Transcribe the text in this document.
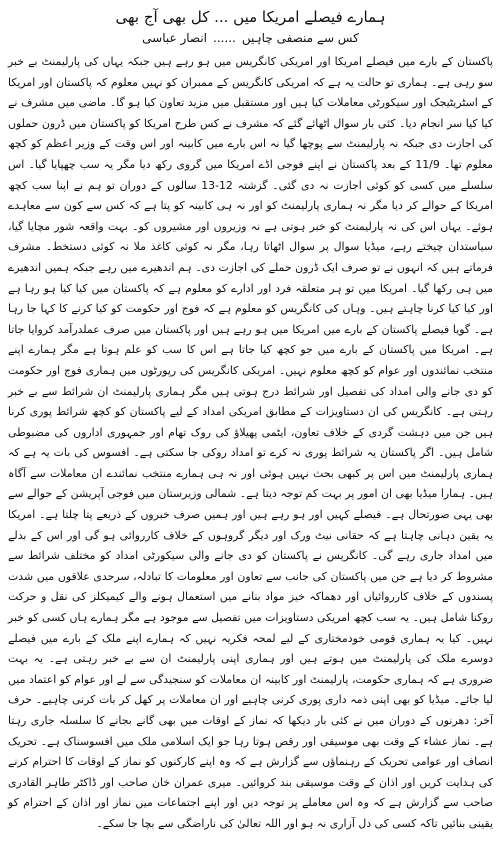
ہمارے فیصلے امریکا میں ... کل بھی آج بھی
کس سے منصفی چاہیں......انصار عباسی

پاکستان کے بارے میں فیصلے امریکا اور امریکی کانگریس میں ہو رہے ہیں جبکہ یہاں کی پارلیمنٹ بے خبر سو رہی ہے۔ ہماری تو حالت یہ ہے کہ امریکی کانگریس کے ممبران کو نہیں معلوم کہ پاکستان اور امریکا کے اسٹریٹیجک اور سیکورٹی معاملات کیا ہیں اور مستقبل میں مزید تعاون کیا ہو گا۔ ماضی میں مشرف نے کیا کیا سر انجام دیا۔ کئی بار سوال اٹھائے گئے کہ مشرف نے کس طرح امریکا کو پاکستان میں ڈرون حملوں کی اجازت دی جبکہ نہ پارلیمنٹ سے پوچھا گیا نہ اس بارے میں کابینہ اور اس وقت کے وزیر اعظم کو کچھ معلوم تھا۔ 11/9 کے بعد پاکستان نے اپنے فوجی اڈے امریکا میں گروی رکھ دیا مگر یہ سب چھپایا گیا۔ اس سلسلے میں کسی کو کوئی اجازت نہ دی گئی۔ گزشتہ 12-13 سالوں کے دوران تو ہم نے اپنا سب کچھ امریکا کے حوالے کر دیا مگر نہ ہماری پارلیمنٹ کو اور نہ ہی کابینہ کو پتا ہے کہ کس سے کون سے معاہدے ہوئے۔ یہاں اس کی نہ پارلیمنٹ کو خبر ہوتی ہے نہ وزیروں اور مشیروں کو۔ بہت واقعہ شور مچایا گیا، سیاستدان چیختے رہے، میڈیا سوال پر سوال اٹھاتا رہا، مگر نہ کوئی کاغذ ملا نہ کوئی دستخط۔ مشرف فرماتے ہیں کہ انہوں نے تو صرف ایک ڈرون حملے کی اجازت دی۔ ہم اندھیرے میں رہے جبکہ ہمیں اندھیرے میں ہی رکھا گیا۔ امریکا میں تو ہر متعلقہ فرد اور ادارے کو معلوم ہے کہ پاکستان میں کیا کیا ہو رہا ہے اور کیا کیا کرنا چاہتے ہیں۔ وہاں کی کانگریس کو معلوم ہے کہ فوج اور حکومت کو کیا کرنے کا کہا جا رہا ہے۔ گویا فیصلے پاکستان کے بارے میں امریکا میں ہو رہے ہیں اور پاکستان میں صرف عملدرآمد کروایا جاتا ہے۔ امریکا میں پاکستان کے بارے میں جو کچھ کیا جاتا ہے اس کا سب کو علم ہوتا ہے مگر ہمارے اپنے منتخب نمائندوں اور عوام کو کچھ معلوم نہیں۔ امریکی کانگریس کی رپورٹوں میں ہماری فوج اور حکومت کو دی جانے والی امداد کی تفصیل اور شرائط درج ہوتی ہیں مگر ہماری پارلیمنٹ ان شرائط سے بے خبر رہتی ہے۔ کانگریس کی ان دستاویزات کے مطابق امریکی امداد کے لیے پاکستان کو کچھ شرائط پوری کرنا ہیں جن میں دہشت گردی کے خلاف تعاون، ایٹمی پھیلاؤ کی روک تھام اور جمہوری اداروں کی مضبوطی شامل ہیں۔ اگر پاکستان یہ شرائط پوری نہ کرے تو امداد روکی جا سکتی ہے۔ افسوس کی بات یہ ہے کہ ہماری پارلیمنٹ میں اس پر کبھی بحث نہیں ہوئی اور نہ ہی ہمارے منتخب نمائندے ان معاملات سے آگاہ ہیں۔ ہمارا میڈیا بھی ان امور پر بہت کم توجہ دیتا ہے۔ شمالی وزیرستان میں فوجی آپریشن کے حوالے سے بھی یہی صورتحال ہے۔ فیصلے کہیں اور ہو رہے ہیں اور ہمیں صرف خبروں کے ذریعے پتا چلتا ہے۔ امریکا یہ یقین دہانی چاہتا ہے کہ حقانی نیٹ ورک اور دیگر گروہوں کے خلاف کارروائی ہو گی اور اس کے بدلے میں امداد جاری رہے گی۔ کانگریس نے پاکستان کو دی جانے والی سیکورٹی امداد کو مختلف شرائط سے مشروط کر دیا ہے جن میں پاکستان کی جانب سے تعاون اور معلومات کا تبادلہ، سرحدی علاقوں میں شدت پسندوں کے خلاف کارروائیاں اور دھماکہ خیز مواد بنانے میں استعمال ہونے والے کیمیکلز کی نقل و حرکت روکنا شامل ہیں۔ یہ سب کچھ امریکی دستاویزات میں تفصیل سے موجود ہے مگر ہمارے ہاں کسی کو خبر نہیں۔ کیا یہ ہماری قومی خودمختاری کے لیے لمحہ فکریہ نہیں کہ ہمارے اپنے ملک کے بارے میں فیصلے دوسرے ملک کی پارلیمنٹ میں ہوتے ہیں اور ہماری اپنی پارلیمنٹ ان سے بے خبر رہتی ہے۔ یہ بہت ضروری ہے کہ ہماری حکومت، پارلیمنٹ اور کابینہ ان معاملات کو سنجیدگی سے لے اور عوام کو اعتماد میں لیا جائے۔ میڈیا کو بھی اپنی ذمہ داری پوری کرنی چاہیے اور ان معاملات پر کھل کر بات کرنی چاہیے۔ حرف آخر: دھرنوں کے دوران میں نے کئی بار دیکھا کہ نماز کے اوقات میں بھی گانے بجانے کا سلسلہ جاری رہتا ہے۔ نماز عشاء کے وقت بھی موسیقی اور رقص ہوتا رہا جو ایک اسلامی ملک میں افسوسناک ہے۔ تحریک انصاف اور عوامی تحریک کے رہنماؤں سے گزارش ہے کہ وہ اپنے کارکنوں کو نماز کے اوقات کا احترام کرنے کی ہدایت کریں اور اذان کے وقت موسیقی بند کروائیں۔ میری عمران خان صاحب اور ڈاکٹر طاہر القادری صاحب سے گزارش ہے کہ وہ اس معاملے پر توجہ دیں اور اپنے اجتماعات میں نماز اور اذان کے احترام کو یقینی بنائیں تاکہ کسی کی دل آزاری نہ ہو اور اللہ تعالیٰ کی ناراضگی سے بچا جا سکے۔
